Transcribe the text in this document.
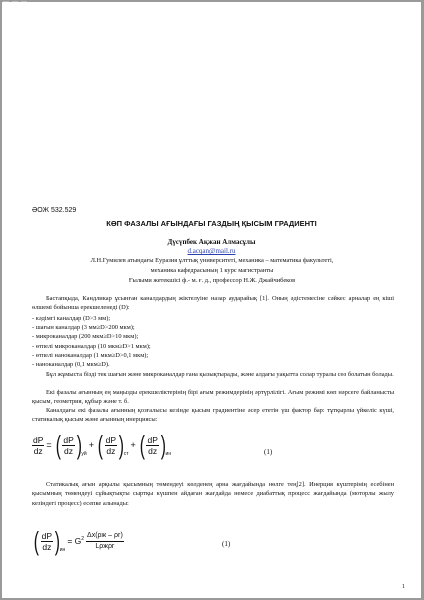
ӘОЖ 532.529
КӨП ФАЗАЛЫ АҒЫНДАҒЫ ГАЗДЫҢ ҚЫСЫМ ГРАДИЕНТІ
Дүсүпбек Ақжан Алмасұлы
d.acqan@mail.ru
Л.Н.Гумилев атындағы Еуразия ұлттық университеті, механика – математика факультеті,
механика кафедрасының 1 курс магистранты
Ғылыми жетекшісі ф.- м. ғ. д., профессор Н.Ж. Джайчибеков
Бастапқыда, Кандликар ұсынған каналдардың жіктелуіне назар аударайық [1]. Оның әдістемесіне сәйкес арналар ең кіші өлшемі бойынша ерекшеленеді (D):
- кәдімгі каналдар (D>3 мм);
- шағын каналдар (3 мм≥D>200 мкм);
- микроканалдар (200 мкм≥D>10 мкм);
- өтпелі микроканалдар (10 мкм≥D>1 мкм);
- өтпелі наноканалдар (1 мкм≥D>0,1 мкм);
- наноканалдар (0,1 мкм≥D).
Бұл жұмыста бізді тек шағын және микроканалдар ғана қызықтырады, және алдағы уақытта солар туралы сөз болатын болады.
Екі фазалы ағынның ең маңызды ерекшеліктерінің бірі ағым режимдерінің әртүрлілігі. Ағым режимі көп нәрсеге байланысты қысым, геометрия, құбыр және т. б.
Каналдағы екі фазалы ағынның қозғалысы кезінде қысым градиентіне әсер ететін үш фактор бар: тұтқырлы үйкеліс күші, статикалық қысым және ағынның инерциясы:
$\frac{dP}{dz}$ = ( $\frac{dP}{dz}$ ) уй
+ ( $\frac{dP}{dz}$ ) ст
+ ( $\frac{dP}{dz}$ ) ин	(1)
Статикалық ағын арқылы қысымның төмендеуі көлденең арна жағдайында нөлге тең[2]. Инерция күштерінің есебінен қысымның төмендеуі сұйықтықты сыртқы күшпен айдаған жағдайда немесе диабаттық процесс жағдайында (моторлы жылу кезіндегі процесс) есепке алынады:
( $\frac{dP}{dz}$ ) ин
= $G^2 \frac{\Delta x(\rho ж - \rho г)}{\text{Lρжρг}}$	(1)
1
